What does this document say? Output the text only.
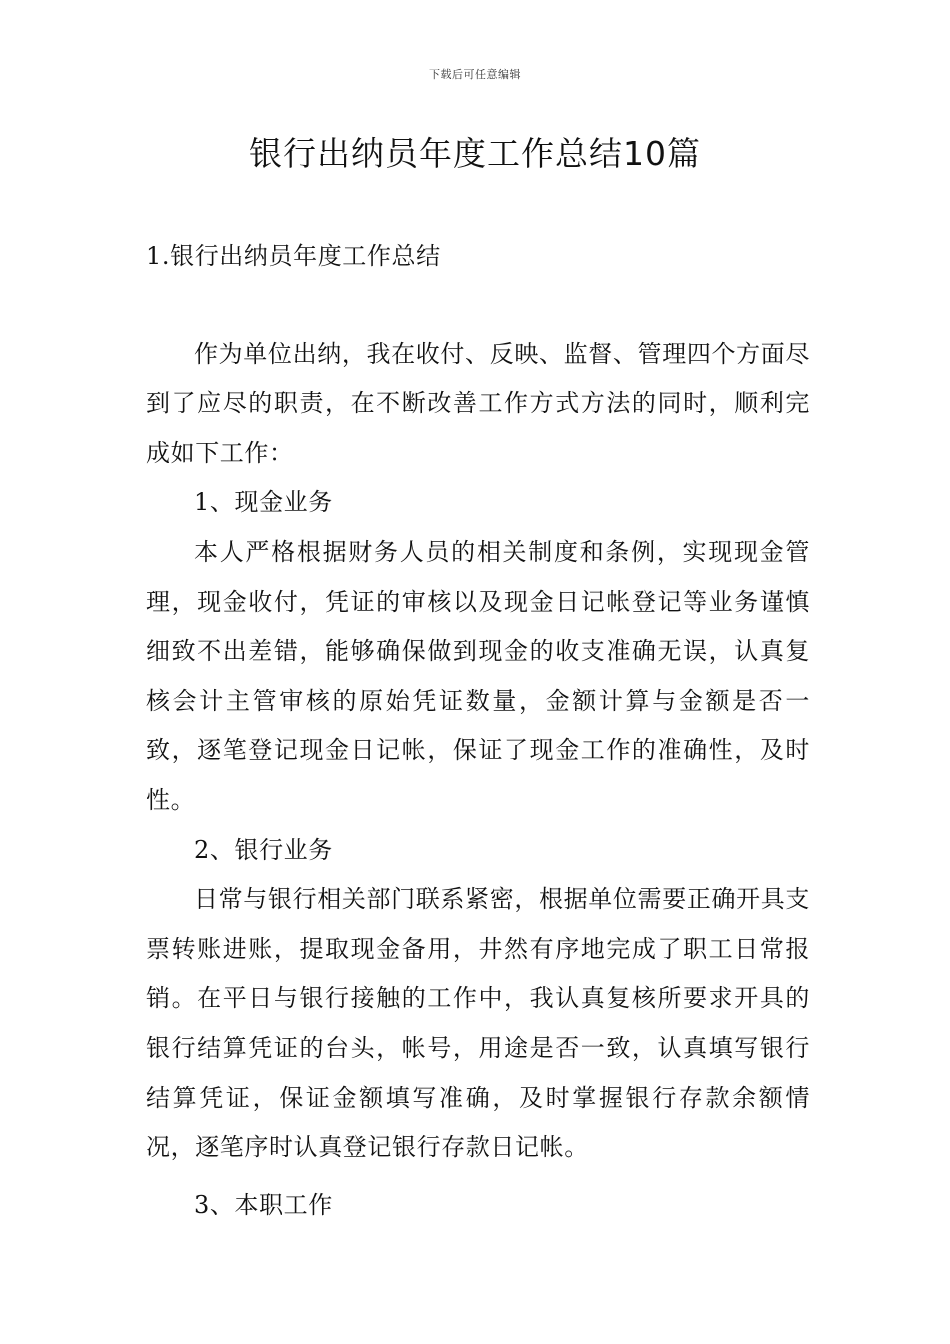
下载后可任意编辑
银行出纳员年度工作总结10篇

1.银行出纳员年度工作总结

作为单位出纳，我在收付、反映、监督、管理四个方面尽到了应尽的职责，在不断改善工作方式方法的同时，顺利完成如下工作：

1、现金业务

本人严格根据财务人员的相关制度和条例，实现现金管理，现金收付，凭证的审核以及现金日记帐登记等业务谨慎细致不出差错，能够确保做到现金的收支准确无误，认真复核会计主管审核的原始凭证数量，金额计算与金额是否一致，逐笔登记现金日记帐，保证了现金工作的准确性，及时性。

2、银行业务

日常与银行相关部门联系紧密，根据单位需要正确开具支票转账进账，提取现金备用，井然有序地完成了职工日常报销。在平日与银行接触的工作中，我认真复核所要求开具的银行结算凭证的台头，帐号，用途是否一致，认真填写银行结算凭证，保证金额填写准确，及时掌握银行存款余额情况，逐笔序时认真登记银行存款日记帐。

3、本职工作
